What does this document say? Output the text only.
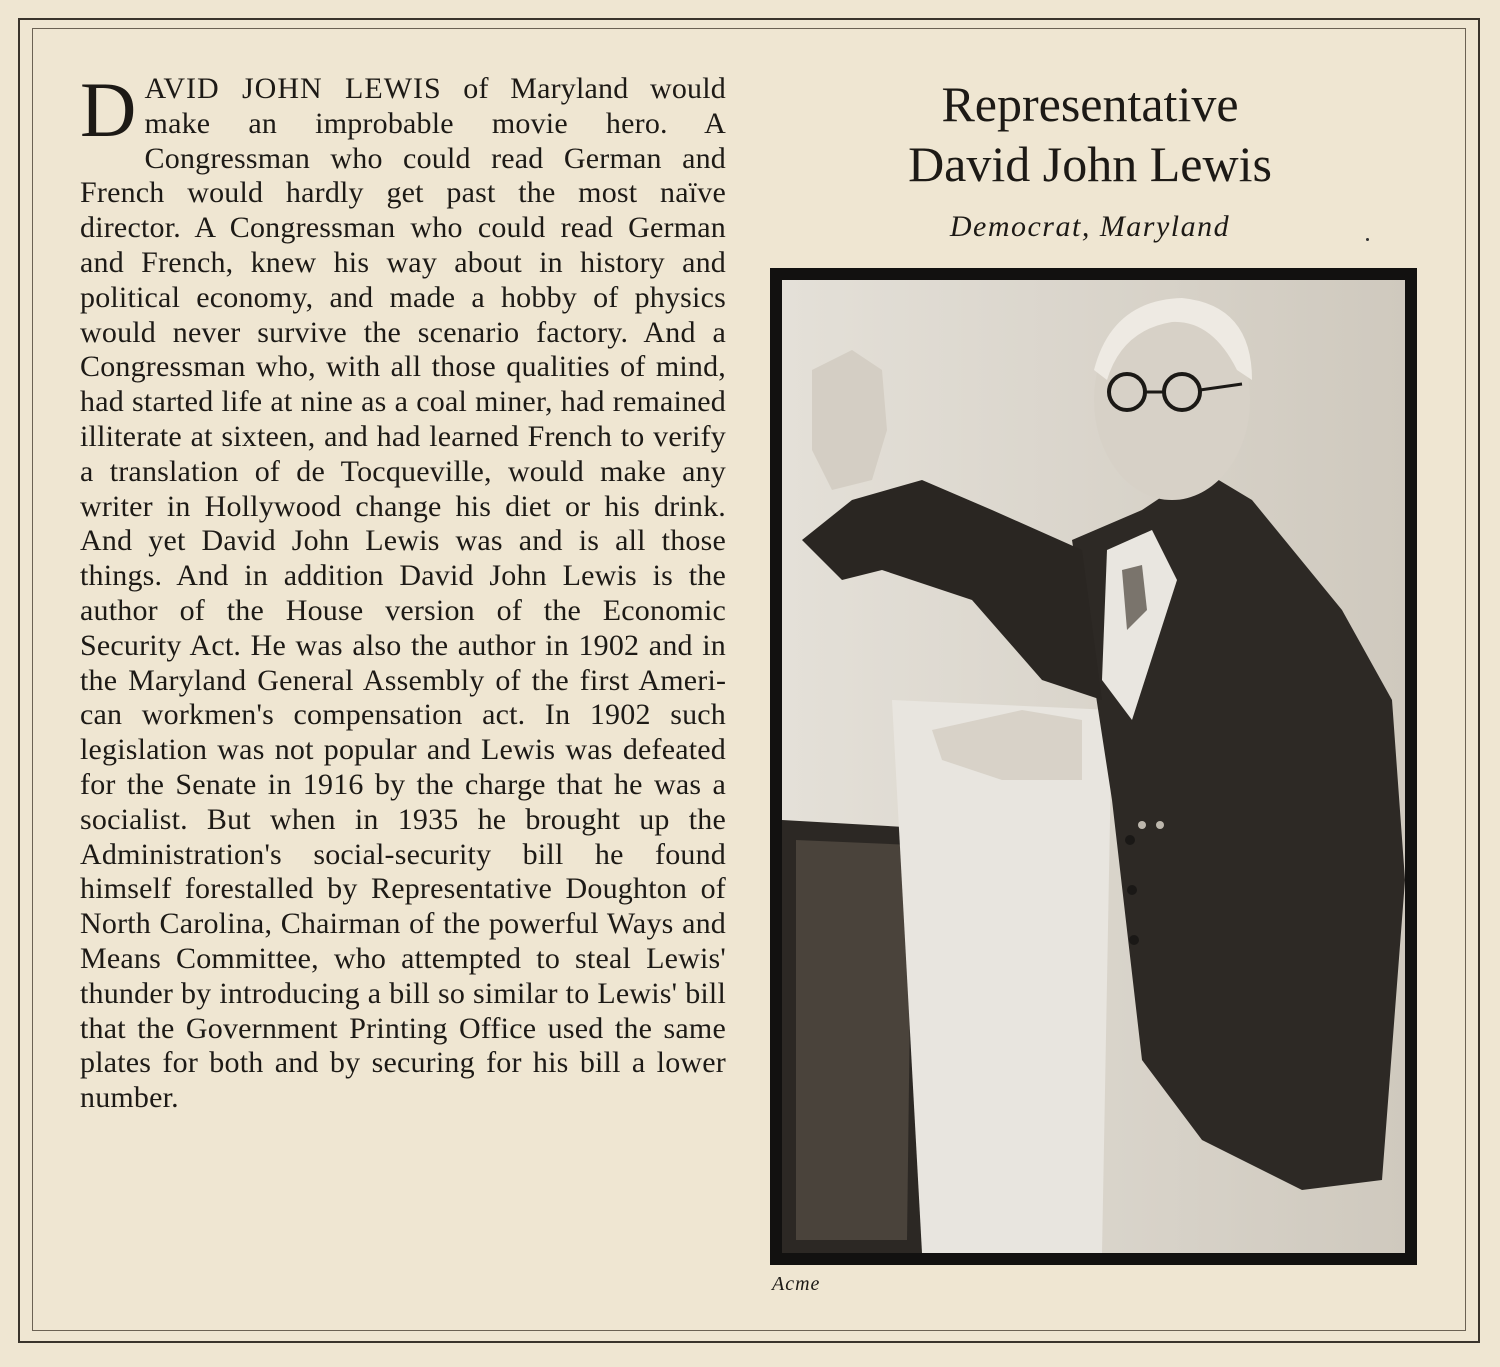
DAVID JOHN LEWIS of Maryland would make an improbable movie hero. A Congressman who could read German and French would hardly get past the most naïve director. A Congressman who could read German and French, knew his way about in history and political economy, and made a hobby of physics would never survive the scenario factory. And a Congressman who, with all those qualities of mind, had started life at nine as a coal miner, had remained illiterate at sixteen, and had learned French to verify a translation of de Tocqueville, would make any writer in Hollywood change his diet or his drink. And yet David John Lewis was and is all those things. And in addition David John Lewis is the author of the House version of the Economic Security Act. He was also the author in 1902 and in the Maryland General Assembly of the first American workmen's compensation act. In 1902 such legislation was not popular and Lewis was defeated for the Senate in 1916 by the charge that he was a socialist. But when in 1935 he brought up the Administration's social-security bill he found himself forestalled by Representative Doughton of North Carolina, Chairman of the powerful Ways and Means Committee, who attempted to steal Lewis' thunder by introducing a bill so similar to Lewis' bill that the Government Printing Office used the same plates for both and by securing for his bill a lower number.
Representative
David John Lewis
Democrat, Maryland
Acme
